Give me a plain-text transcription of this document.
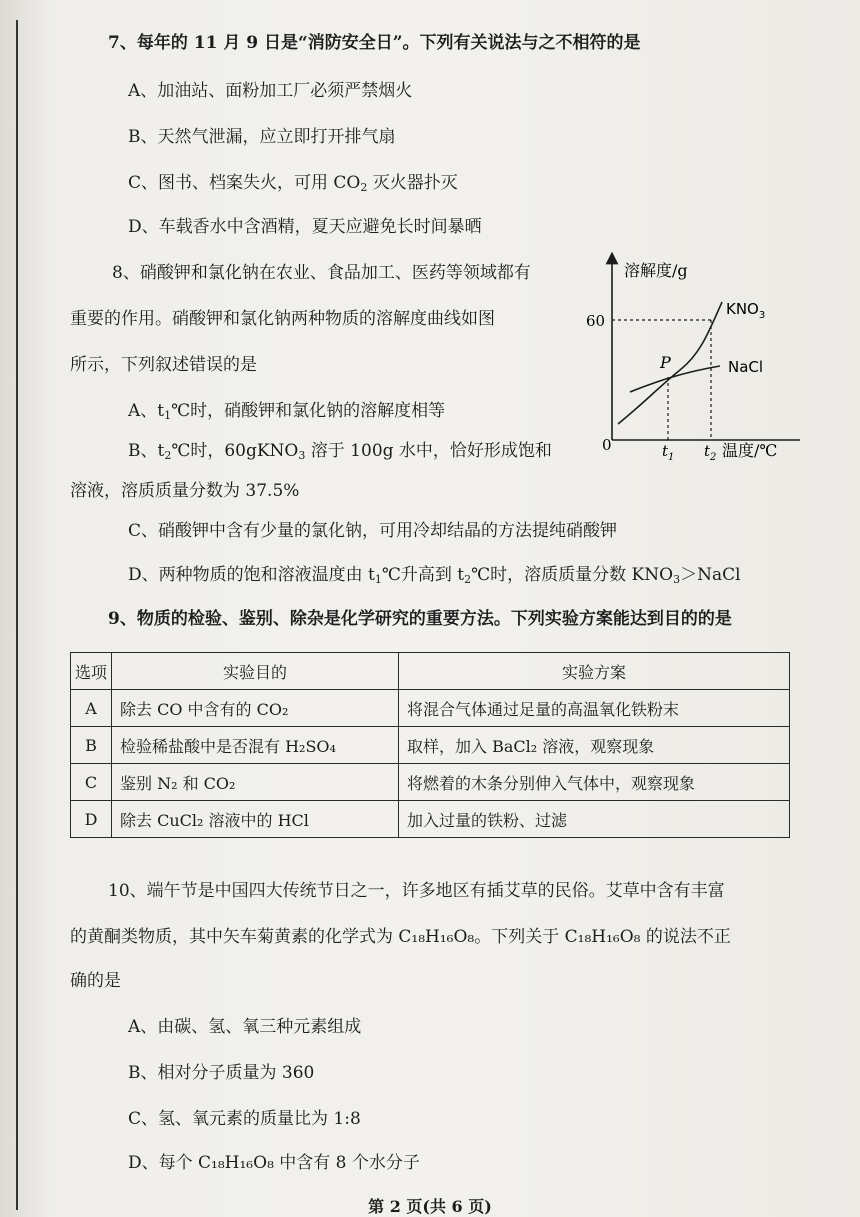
7、每年的 11 月 9 日是“消防安全日”。下列有关说法与之不相符的是
A、加油站、面粉加工厂必须严禁烟火
B、天然气泄漏，应立即打开排气扇
C、图书、档案失火，可用 $CO_2$ 灭火器扑灭
D、车载香水中含酒精，夏天应避免长时间暴晒
8、硝酸钾和氯化钠在农业、食品加工、医药等领域都有
重要的作用。硝酸钾和氯化钠两种物质的溶解度曲线如图
所示，下列叙述错误的是
A、$t_1℃$时，硝酸钾和氯化钠的溶解度相等
B、$t_2℃$时，60gKNO$_3$ 溶于 100g 水中，恰好形成饱和
溶液，溶质质量分数为 37.5%
C、硝酸钾中含有少量的氯化钠，可用冷却结晶的方法提纯硝酸钾
D、两种物质的饱和溶液温度由 $t_1℃$升高到 $t_2℃$时，溶质质量分数 $KNO_3>NaCl$
溶解度/g
60
0
P
$KNO_3$
NaCl
$t_1$ $t_2$ 温度/℃
9、物质的检验、鉴别、除杂是化学研究的重要方法。下列实验方案能达到目的的是
选项	实验目的	实验方案
A	除去 CO 中含有的 CO₂	将混合气体通过足量的高温氧化铁粉末
B	检验稀盐酸中是否混有 H₂SO₄	取样，加入 BaCl₂ 溶液，观察现象
C	鉴别 N₂ 和 CO₂	将燃着的木条分别伸入气体中，观察现象
D	除去 CuCl₂ 溶液中的 HCl	加入过量的铁粉、过滤
10、端午节是中国四大传统节日之一，许多地区有插艾草的民俗。艾草中含有丰富
的黄酮类物质，其中矢车菊黄素的化学式为 C₁₈H₁₆O₈。下列关于 C₁₈H₁₆O₈ 的说法不正
确的是
A、由碳、氢、氧三种元素组成
B、相对分子质量为 360
C、氢、氧元素的质量比为 1:8
D、每个 C₁₈H₁₆O₈ 中含有 8 个水分子
第 2 页(共 6 页)
